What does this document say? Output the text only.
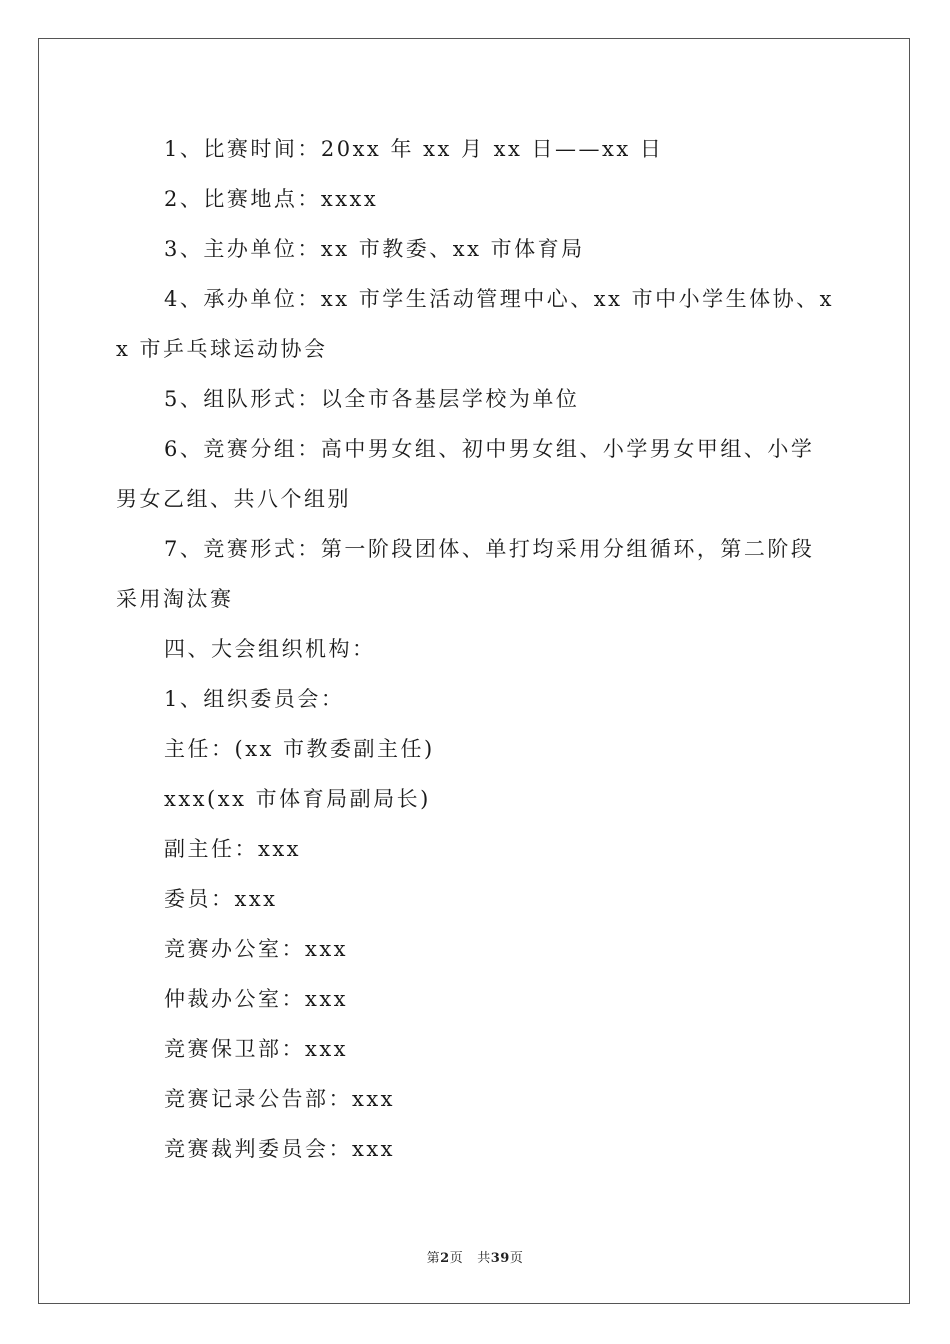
1、比赛时间：20xx 年 xx 月 xx 日——xx 日

2、比赛地点：xxxx

3、主办单位：xx 市教委、xx 市体育局

4、承办单位：xx 市学生活动管理中心、xx 市中小学生体协、xx 市乒乓球运动协会

5、组队形式：以全市各基层学校为单位

6、竞赛分组：高中男女组、初中男女组、小学男女甲组、小学男女乙组、共八个组别

7、竞赛形式：第一阶段团体、单打均采用分组循环，第二阶段采用淘汰赛

四、大会组织机构：

1、组织委员会：

主任：(xx 市教委副主任)

xxx(xx 市体育局副局长)

副主任：xxx

委员：xxx

竞赛办公室：xxx

仲裁办公室：xxx

竞赛保卫部：xxx

竞赛记录公告部：xxx

竞赛裁判委员会：xxx

第2页 共39页
